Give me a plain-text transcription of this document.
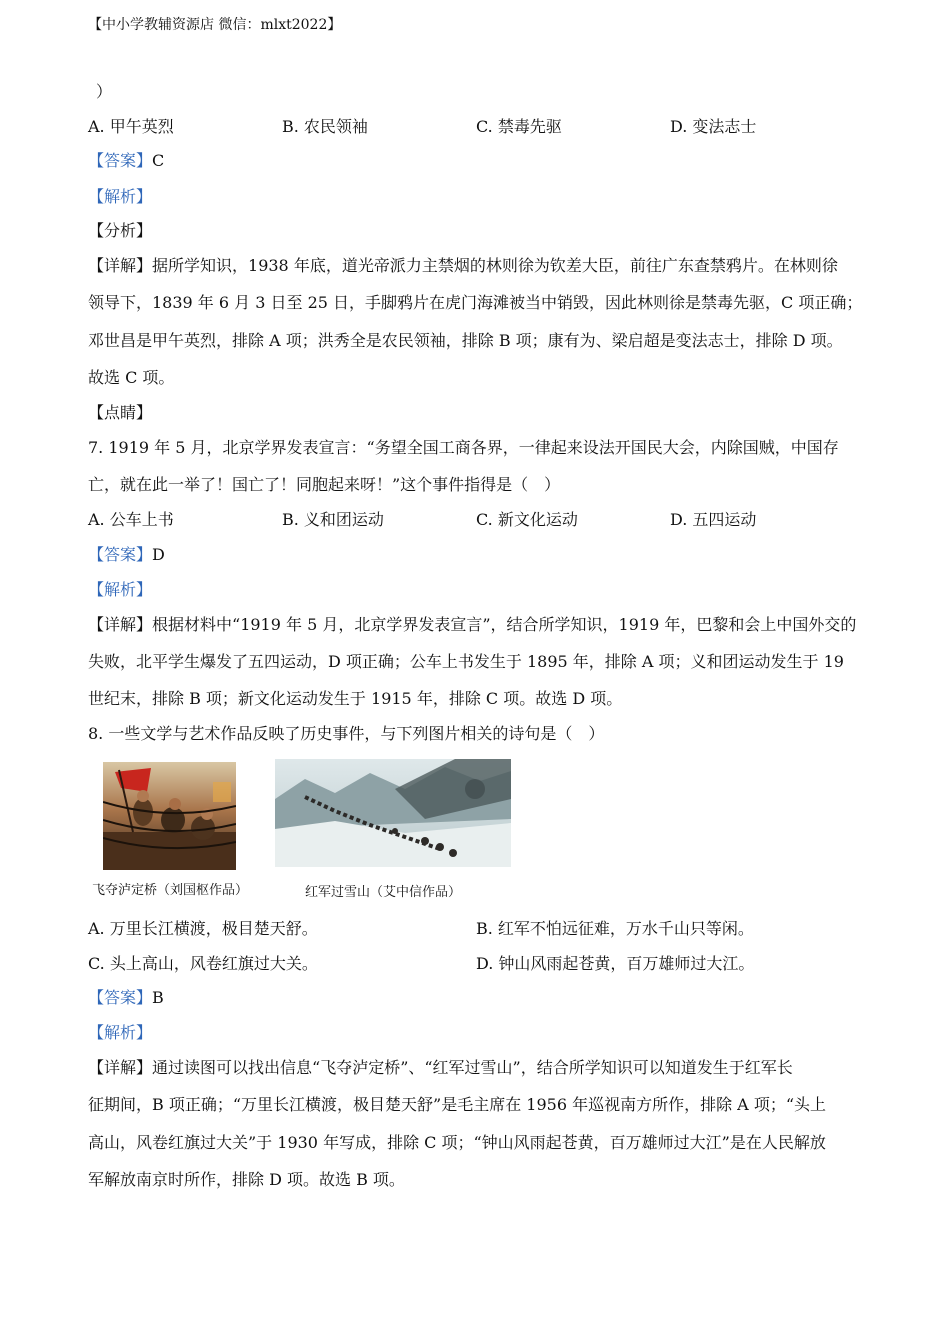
【中小学教辅资源店 微信：mlxt2022】
）
A. 甲午英烈	B. 农民领袖	C. 禁毒先驱	D. 变法志士
【答案】C
【解析】
【分析】
【详解】据所学知识，1938 年底，道光帝派力主禁烟的林则徐为钦差大臣，前往广东查禁鸦片。在林则徐
领导下，1839 年 6 月 3 日至 25 日，手脚鸦片在虎门海滩被当中销毁，因此林则徐是禁毒先驱，C 项正确；
邓世昌是甲午英烈，排除 A 项；洪秀全是农民领袖，排除 B 项；康有为、梁启超是变法志士，排除 D 项。
故选 C 项。
【点睛】
7. 1919 年 5 月，北京学界发表宣言：“务望全国工商各界，一律起来设法开国民大会，内除国贼，中国存
亡，就在此一举了！国亡了！同胞起来呀！”这个事件指得是（　）
A. 公车上书	B. 义和团运动	C. 新文化运动	D. 五四运动
【答案】D
【解析】
【详解】根据材料中“1919 年 5 月，北京学界发表宣言”，结合所学知识，1919 年，巴黎和会上中国外交的
失败，北平学生爆发了五四运动，D 项正确；公车上书发生于 1895 年，排除 A 项；义和团运动发生于 19
世纪末，排除 B 项；新文化运动发生于 1915 年，排除 C 项。故选 D 项。
8. 一些文学与艺术作品反映了历史事件，与下列图片相关的诗句是（　）
飞夺泸定桥（刘国枢作品）	红军过雪山（艾中信作品）
A. 万里长江横渡，极目楚天舒。	B. 红军不怕远征难，万水千山只等闲。
C. 头上高山，风卷红旗过大关。	D. 钟山风雨起苍黄，百万雄师过大江。
【答案】B
【解析】
【详解】通过读图可以找出信息“飞夺泸定桥”、“红军过雪山”，结合所学知识可以知道发生于红军长
征期间，B 项正确；“万里长江横渡，极目楚天舒”是毛主席在 1956 年巡视南方所作，排除 A 项；“头上
高山，风卷红旗过大关”于 1930 年写成，排除 C 项；“钟山风雨起苍黄，百万雄师过大江”是在人民解放
军解放南京时所作，排除 D 项。故选 B 项。
